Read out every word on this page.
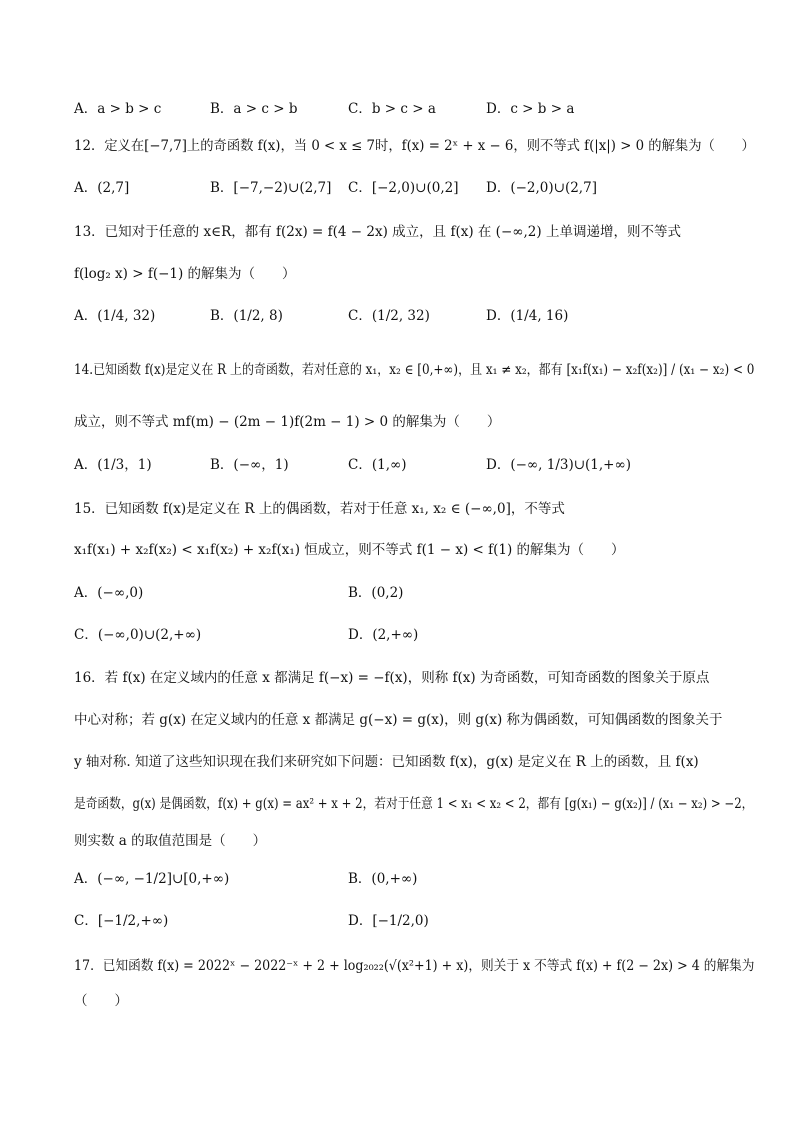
A．a > b > c	B．a > c > b	C．b > c > a	D．c > b > a
12．定义在[−7,7]上的奇函数 f(x)，当 0 < x ≤ 7时，f(x) = 2ˣ + x − 6，则不等式 f(|x|) > 0 的解集为（　　）
A．(2,7]	B．[−7,−2)∪(2,7] C．[−2,0)∪(0,2] D．(−2,0)∪(2,7]
13．已知对于任意的 x∈R，都有 f(2x) = f(4 − 2x) 成立，且 f(x) 在 (−∞,2) 上单调递增，则不等式
f(log₂ x) > f(−1) 的解集为（　　）
A．(1/4, 32)	B．(1/2, 8)	C．(1/2, 32)	D．(1/4, 16)
14.已知函数 f(x)是定义在 R 上的奇函数，若对任意的 x₁，x₂ ∈ [0,+∞)，且 x₁ ≠ x₂，都有 [x₁f(x₁) − x₂f(x₂)] / (x₁ − x₂) < 0
成立，则不等式 mf(m) − (2m − 1)f(2m − 1) > 0 的解集为（　　）
A．(1/3，1)	B．(−∞，1)	C．(1,∞)	D．(−∞, 1/3)∪(1,+∞)
15．已知函数 f(x)是定义在 R 上的偶函数，若对于任意 x₁, x₂ ∈ (−∞,0]，不等式
x₁f(x₁) + x₂f(x₂) < x₁f(x₂) + x₂f(x₁) 恒成立，则不等式 f(1 − x) < f(1) 的解集为（　　）
A．(−∞,0)	B．(0,2)
C．(−∞,0)∪(2,+∞)	D．(2,+∞)
16．若 f(x) 在定义域内的任意 x 都满足 f(−x) = −f(x)，则称 f(x) 为奇函数，可知奇函数的图象关于原点
中心对称；若 g(x) 在定义域内的任意 x 都满足 g(−x) = g(x)，则 g(x) 称为偶函数，可知偶函数的图象关于
y 轴对称. 知道了这些知识现在我们来研究如下问题：已知函数 f(x)，g(x) 是定义在 R 上的函数，且 f(x)
是奇函数，g(x) 是偶函数，f(x) + g(x) = ax² + x + 2，若对于任意 1 < x₁ < x₂ < 2，都有 [g(x₁) − g(x₂)] / (x₁ − x₂) > −2，
则实数 a 的取值范围是（　　）
A．(−∞, −1/2]∪[0,+∞)	B．(0,+∞)
C．[−1/2,+∞)	D．[−1/2,0)
17．已知函数 f(x) = 2022ˣ − 2022⁻ˣ + 2 + log₂₀₂₂(√(x²+1) + x)，则关于 x 不等式 f(x) + f(2 − 2x) > 4 的解集为
（　　）
